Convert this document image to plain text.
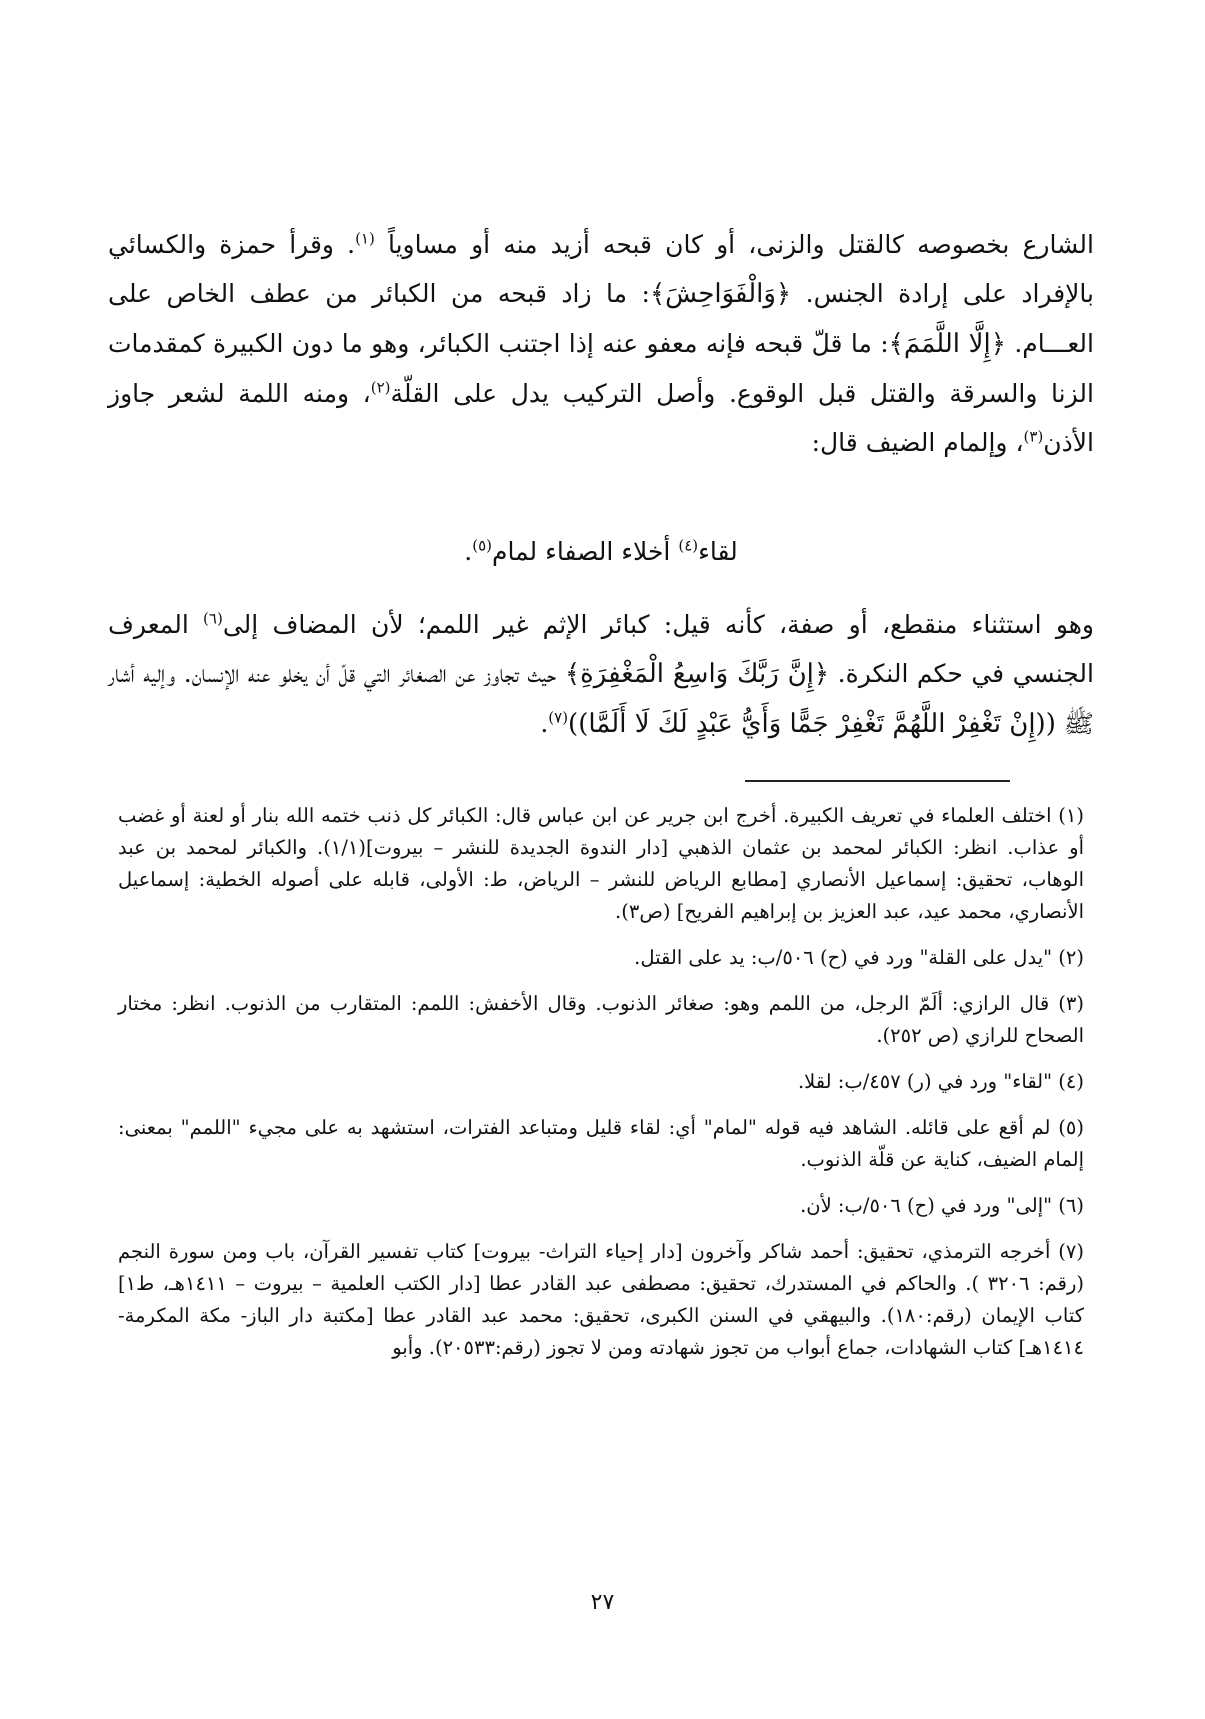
الشارع بخصوصه كالقتل والزنى، أو كان قبحه أزيد منه أو مساوياً $^{(١)}$. وقرأ حمزة والكسائي بالإفراد على إرادة الجنس. ﴿وَالْفَوَاحِشَ﴾: ما زاد قبحه من الكبائر من عطف الخاص على العـــام. ﴿إِلَّا اللَّمَمَ﴾: ما قلّ قبحه فإنه معفو عنه إذا اجتنب الكبائر، وهو ما دون الكبيرة كمقدمات الزنا والسرقة والقتل قبل الوقوع. وأصل التركيب يدل على القلّة$^{(٢)}$، ومنه اللمة لشعر جاوز الأذن$^{(٣)}$، وإلمام الضيف قال:

لقاء$^{(٤)}$ أخلاء الصفاء لمام$^{(٥)}$.

وهو استثناء منقطع، أو صفة، كأنه قيل: كبائر الإثم غير اللمم؛ لأن المضاف إلى$^{(٦)}$ المعرف الجنسي في حكم النكرة. ﴿إِنَّ رَبَّكَ وَاسِعُ الْمَغْفِرَةِ﴾ حيث تجاوز عن الصغائر التي قلّ أن يخلو عنه الإنسان. وإليه أشار ﷺ ((إِنْ تَغْفِرْ اللَّهُمَّ تَغْفِرْ جَمًّا وَأَيُّ عَبْدٍ لَكَ لَا أَلَمَّا))$^{(٧)}$.

(١) اختلف العلماء في تعريف الكبيرة. أخرج ابن جرير عن ابن عباس قال: الكبائر كل ذنب ختمه الله بنار أو لعنة أو غضب أو عذاب. انظر: الكبائر لمحمد بن عثمان الذهبي [دار الندوة الجديدة للنشر – بيروت](١/١). والكبائر لمحمد بن عبد الوهاب، تحقيق: إسماعيل الأنصاري [مطابع الرياض للنشر – الرياض، ط: الأولى، قابله على أصوله الخطية: إسماعيل الأنصاري، محمد عيد، عبد العزيز بن إبراهيم الفريح] (ص٣).

(٢) "يدل على القلة" ورد في (ح) ٥٠٦/ب: يد على القتل.

(٣) قال الرازي: ألَمّ الرجل، من اللمم وهو: صغائر الذنوب. وقال الأخفش: اللمم: المتقارب من الذنوب. انظر: مختار الصحاح للرازي (ص ٢٥٢).

(٤) "لقاء" ورد في (ر) ٤٥٧/ب: لقلا.

(٥) لم أقع على قائله. الشاهد فيه قوله "لمام" أي: لقاء قليل ومتباعد الفترات، استشهد به على مجيء "اللمم" بمعنى: إلمام الضيف، كناية عن قلّة الذنوب.

(٦) "إلى" ورد في (ح) ٥٠٦/ب: لأن.

(٧) أخرجه الترمذي، تحقيق: أحمد شاكر وآخرون [دار إحياء التراث- بيروت] كتاب تفسير القرآن، باب ومن سورة النجم (رقم: ٣٢٠٦ ). والحاكم في المستدرك، تحقيق: مصطفى عبد القادر عطا [دار الكتب العلمية – بيروت – ١٤١١هـ، ط١] كتاب الإيمان (رقم:١٨٠). والبيهقي في السنن الكبرى، تحقيق: محمد عبد القادر عطا [مكتبة دار الباز- مكة المكرمة- ١٤١٤هـ] كتاب الشهادات، جماع أبواب من تجوز شهادته ومن لا تجوز (رقم:٢٠٥٣٣). وأبو

٢٧
